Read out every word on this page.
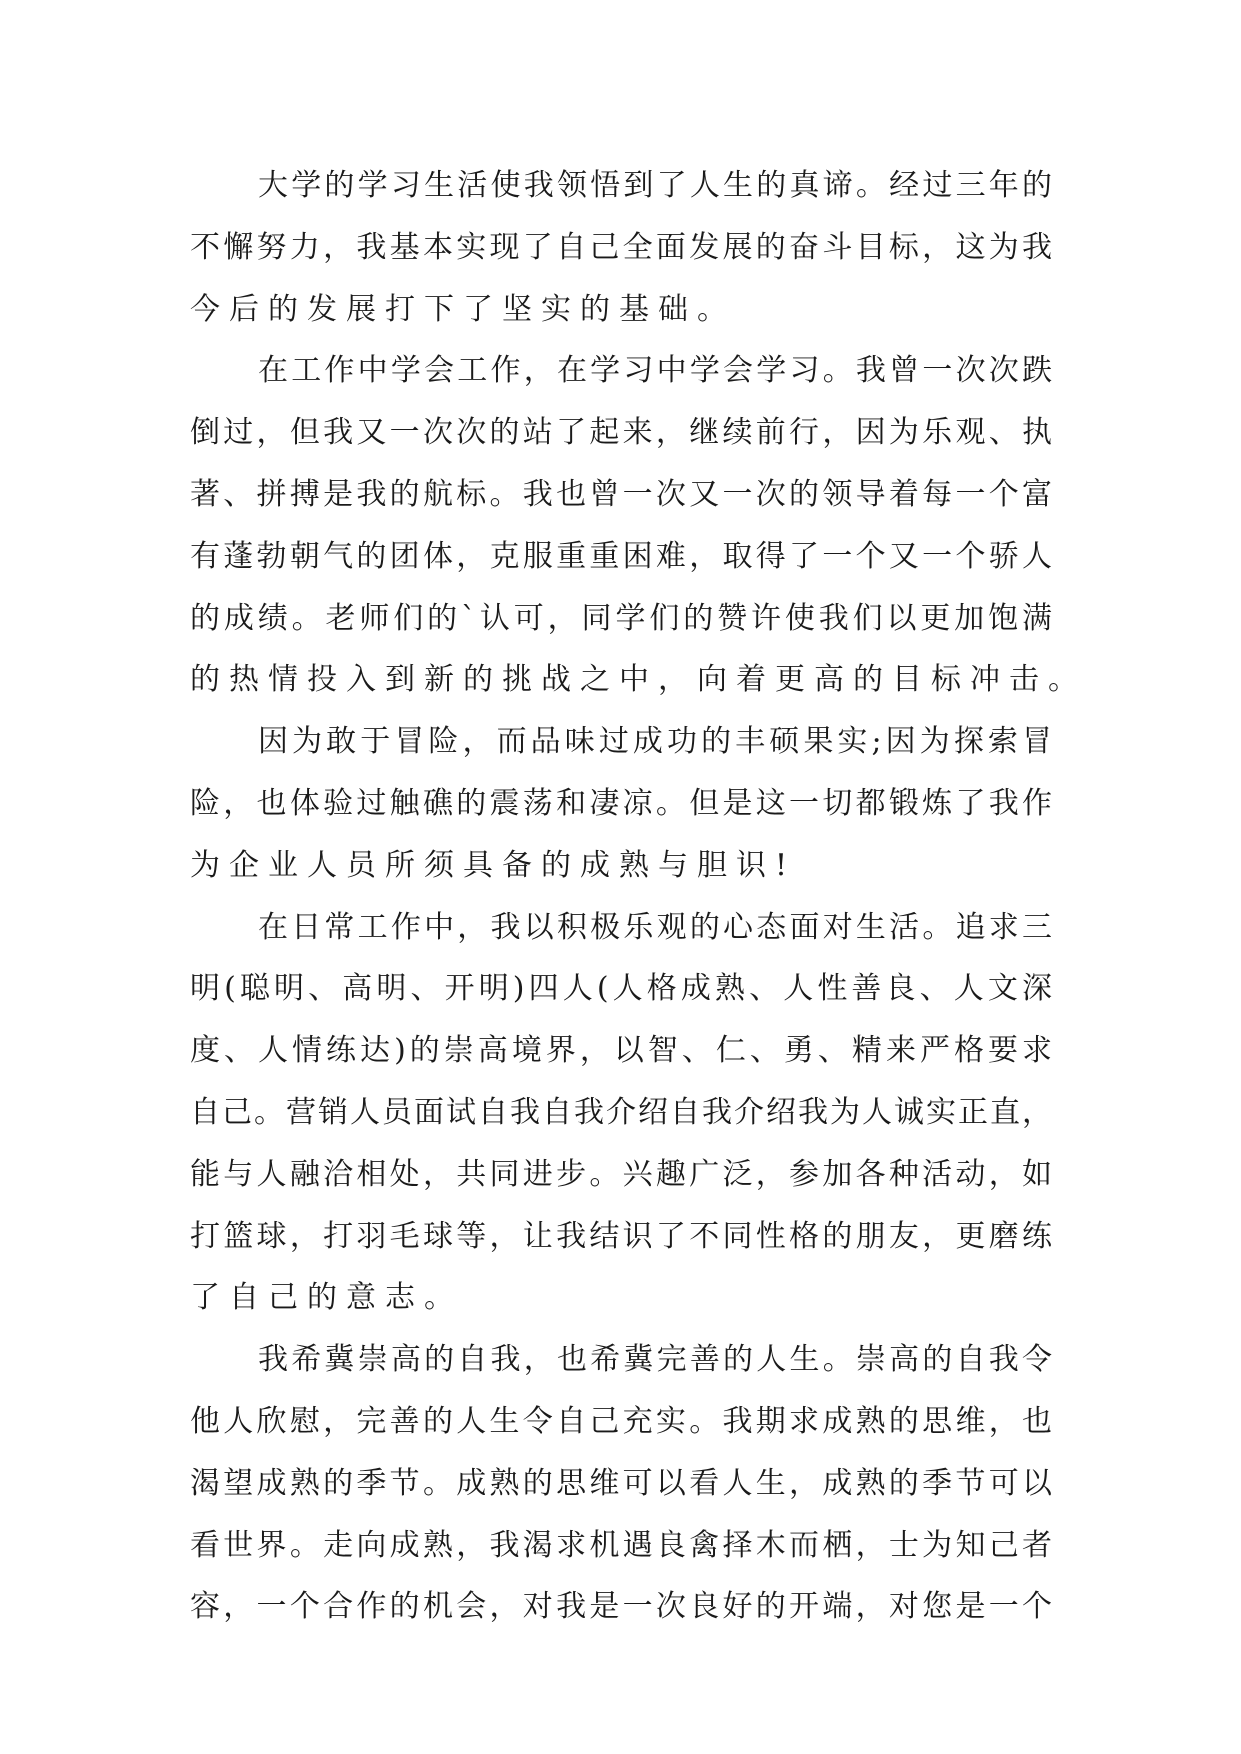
大学的学习生活使我领悟到了人生的真谛。经过三年的
不懈努力，我基本实现了自己全面发展的奋斗目标，这为我
今后的发展打下了坚实的基础。
在工作中学会工作，在学习中学会学习。我曾一次次跌
倒过，但我又一次次的站了起来，继续前行，因为乐观、执
著、拼搏是我的航标。我也曾一次又一次的领导着每一个富
有蓬勃朝气的团体，克服重重困难，取得了一个又一个骄人
的成绩。老师们的`认可，同学们的赞许使我们以更加饱满
的热情投入到新的挑战之中，向着更高的目标冲击。
因为敢于冒险，而品味过成功的丰硕果实;因为探索冒
险，也体验过触礁的震荡和凄凉。但是这一切都锻炼了我作
为企业人员所须具备的成熟与胆识!
在日常工作中，我以积极乐观的心态面对生活。追求三
明(聪明、高明、开明)四人(人格成熟、人性善良、人文深
度、人情练达)的崇高境界，以智、仁、勇、精来严格要求
自己。营销人员面试自我自我介绍自我介绍我为人诚实正直，
能与人融洽相处，共同进步。兴趣广泛，参加各种活动，如
打篮球，打羽毛球等，让我结识了不同性格的朋友，更磨练
了自己的意志。
我希冀崇高的自我，也希冀完善的人生。崇高的自我令
他人欣慰，完善的人生令自己充实。我期求成熟的思维，也
渴望成熟的季节。成熟的思维可以看人生，成熟的季节可以
看世界。走向成熟，我渴求机遇良禽择木而栖，士为知己者
容，一个合作的机会，对我是一次良好的开端，对您是一个
